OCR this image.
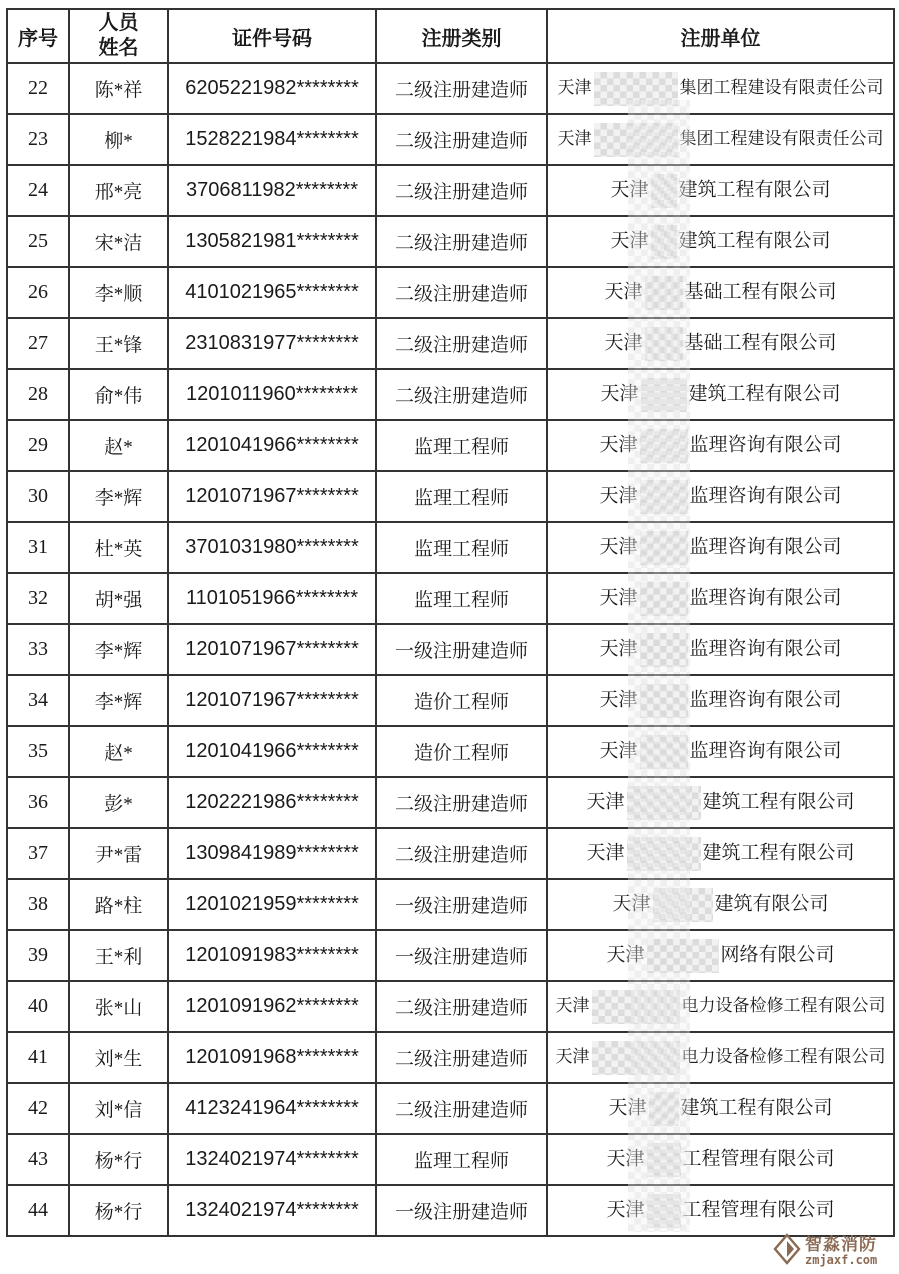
序号	人员姓名	证件号码	注册类别	注册单位
22	陈*祥	6205221982********	二级注册建造师	天津 集团工程建设有限责任公司
23	柳*	1528221984********	二级注册建造师	天津 集团工程建设有限责任公司
24	邢*亮	3706811982********	二级注册建造师	天津 建筑工程有限公司
25	宋*洁	1305821981********	二级注册建造师	天津 建筑工程有限公司
26	李*顺	4101021965********	二级注册建造师	天津 基础工程有限公司
27	王*锋	2310831977********	二级注册建造师	天津 基础工程有限公司
28	俞*伟	1201011960********	二级注册建造师	天津 建筑工程有限公司
29	赵*	1201041966********	监理工程师	天津 监理咨询有限公司
30	李*辉	1201071967********	监理工程师	天津 监理咨询有限公司
31	杜*英	3701031980********	监理工程师	天津 监理咨询有限公司
32	胡*强	1101051966********	监理工程师	天津 监理咨询有限公司
33	李*辉	1201071967********	一级注册建造师	天津 监理咨询有限公司
34	李*辉	1201071967********	造价工程师	天津 监理咨询有限公司
35	赵*	1201041966********	造价工程师	天津 监理咨询有限公司
36	彭*	1202221986********	二级注册建造师	天津 建筑工程有限公司
37	尹*雷	1309841989********	二级注册建造师	天津 建筑工程有限公司
38	路*柱	1201021959********	一级注册建造师	天津 建筑有限公司
39	王*利	1201091983********	一级注册建造师	天津 网络有限公司
40	张*山	1201091962********	二级注册建造师	天津 电力设备检修工程有限公司
41	刘*生	1201091968********	二级注册建造师	天津 电力设备检修工程有限公司
42	刘*信	4123241964********	二级注册建造师	天津 建筑工程有限公司
43	杨*行	1324021974********	监理工程师	天津 工程管理有限公司
44	杨*行	1324021974********	一级注册建造师	天津 工程管理有限公司
智淼消防
zmjaxf.com
